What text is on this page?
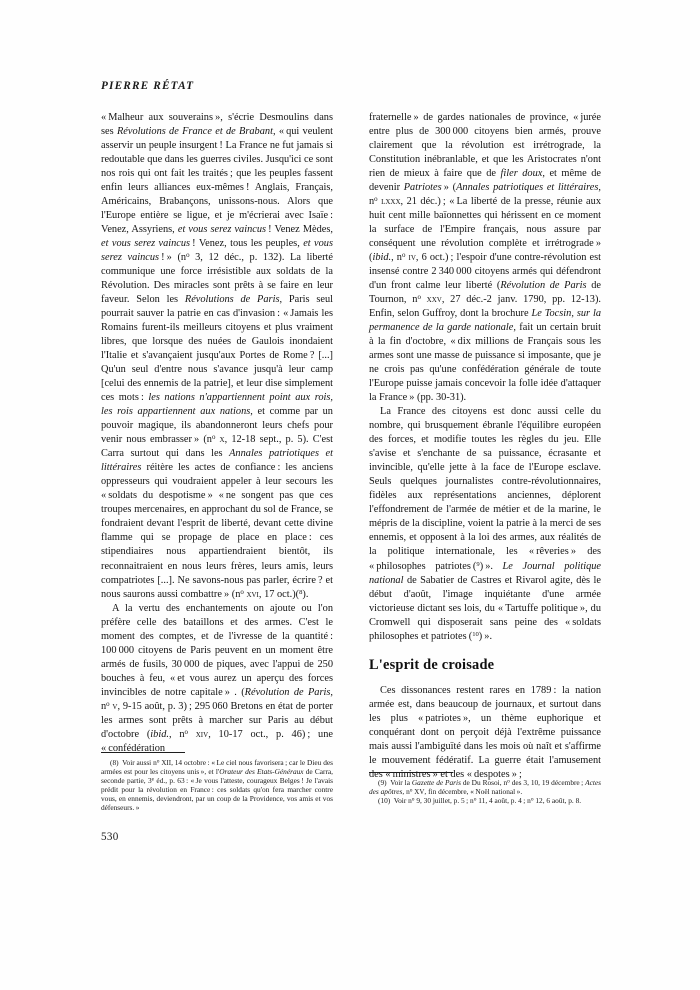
PIERRE RÉTAT

« Malheur aux souverains », s'écrie Desmoulins dans ses Révolutions de France et de Brabant, « qui veulent asservir un peuple insurgent ! La France ne fut jamais si redoutable que dans les guerres civiles. Jusqu'ici ce sont nos rois qui ont fait les traités ; que les peuples fassent enfin leurs alliances eux-mêmes ! Anglais, Français, Américains, Brabançons, unissons-nous. Alors que l'Europe entière se ligue, et je m'écrierai avec Isaïe : Venez, Assyriens, et vous serez vaincus ! Venez Mèdes, et vous serez vaincus ! Venez, tous les peuples, et vous serez vaincus ! » ($n^o$ 3, 12 déc., p. 132). La liberté communique une force irrésistible aux soldats de la Révolution. Des miracles sont prêts à se faire en leur faveur. Selon les Révolutions de Paris, Paris seul pourrait sauver la patrie en cas d'invasion : « Jamais les Romains furent-ils meilleurs citoyens et plus vraiment libres, que lorsque des nuées de Gaulois inondaient l'Italie et s'avançaient jusqu'aux Portes de Rome ? [...] Qu'un seul d'entre nous s'avance jusqu'à leur camp [celui des ennemis de la patrie], et leur dise simplement ces mots : les nations n'appartiennent point aux rois, les rois appartiennent aux nations, et comme par un pouvoir magique, ils abandonneront leurs chefs pour venir nous embrasser » ($n^o$ x, 12-18 sept., p. 5). C'est Carra surtout qui dans les Annales patriotiques et littéraires réitère les actes de confiance : les anciens oppresseurs qui voudraient appeler à leur secours les « soldats du despotisme » « ne songent pas que ces troupes mercenaires, en approchant du sol de France, se fondraient devant l'esprit de liberté, devant cette divine flamme qui se propage de place en place : ces stipendiaires nous appartiendraient bientôt, ils reconnaitraient en nous leurs frères, leurs amis, leurs compatriotes [...]. Ne savons-nous pas parler, écrire ? et nous saurons aussi combattre » ($n^o$ xvi, 17 oct.)($^8$).

A la vertu des enchantements on ajoute ou l'on préfère celle des bataillons et des armes. C'est le moment des comptes, et de l'ivresse de la quantité : 100 000 citoyens de Paris peuvent en un moment être armés de fusils, 30 000 de piques, avec l'appui de 250 bouches à feu, « et vous aurez un aperçu des forces invincibles de notre capitale » . (Révolution de Paris, $n^o$ v, 9-15 août, p. 3) ; 295 060 Bretons en état de porter les armes sont prêts à marcher sur Paris au début d'octobre (ibid., $n^o$ xiv, 10-17 oct., p. 46) ; une « confédération

fraternelle » de gardes nationales de province, « jurée entre plus de 300 000 citoyens bien armés, prouve clairement que la révolution est irrétrograde, la Constitution inébranlable, et que les Aristocrates n'ont rien de mieux à faire que de filer doux, et même de devenir Patriotes » (Annales patriotiques et littéraires, $n^o$ lxxx, 21 déc.) ; « La liberté de la presse, réunie aux huit cent mille baïonnettes qui hérissent en ce moment la surface de l'Empire français, nous assure par conséquent une révolution complète et irrétrograde » (ibid., $n^o$ iv, 6 oct.) ; l'espoir d'une contre-révolution est insensé contre 2 340 000 citoyens armés qui défendront d'un front calme leur liberté (Révolution de Paris de Tournon, $n^o$ xxv, 27 déc.-2 janv. 1790, pp. 12-13). Enfin, selon Guffroy, dont la brochure Le Tocsin, sur la permanence de la garde nationale, fait un certain bruit à la fin d'octobre, « dix millions de Français sous les armes sont une masse de puissance si imposante, que je ne crois pas qu'une confédération générale de toute l'Europe puisse jamais concevoir la folle idée d'attaquer la France » (pp. 30-31).

La France des citoyens est donc aussi celle du nombre, qui brusquement ébranle l'équilibre européen des forces, et modifie toutes les règles du jeu. Elle s'avise et s'enchante de sa puissance, écrasante et invincible, qu'elle jette à la face de l'Europe esclave. Seuls quelques journalistes contre-révolutionnaires, fidèles aux représentations anciennes, déplorent l'effondrement de l'armée de métier et de la marine, le mépris de la discipline, voient la patrie à la merci de ses ennemis, et opposent à la loi des armes, aux réalités de la politique internationale, les « rêveries » des « philosophes patriotes ($^9$) ». Le Journal politique national de Sabatier de Castres et Rivarol agite, dès le début d'août, l'image inquiétante d'une armée victorieuse dictant ses lois, du « Tartuffe politique », du Cromwell qui disposerait sans peine des « soldats philosophes et patriotes ($^{10}$) ».

L'esprit de croisade

Ces dissonances restent rares en 1789 : la nation armée est, dans beaucoup de journaux, et surtout dans les plus « patriotes », un thème euphorique et conquérant dont on perçoit déjà l'extrême puissance mais aussi l'ambiguïté dans les mois où naît et s'affirme le mouvement fédératif. La guerre était l'amusement des « ministres » et des « despotes » ;

(8)  Voir aussi $n^o$ xii, 14 octobre : « Le ciel nous favorisera ; car le Dieu des armées est pour les citoyens unis », et l'Orateur des Etats-Généraux de Carra, seconde partie, 3e éd., p. 63 : « Je vous l'atteste, courageux Belges ! Je l'avais prédit pour la révolution en France : ces soldats qu'on fera marcher contre vous, en ennemis, deviendront, par un coup de la Providence, vos amis et vos défenseurs. »

(9)  Voir la Gazette de Paris de Du Rosoi, $n^o$ des 3, 10, 19 décembre ; Actes des apôtres, $n^o$ xv, fin décembre, « Noël national ».

(10)  Voir $n^o$ 9, 30 juillet, p. 5 ; $n^o$ 11, 4 août, p. 4 ; $n^o$ 12, 6 août, p. 8.

530
